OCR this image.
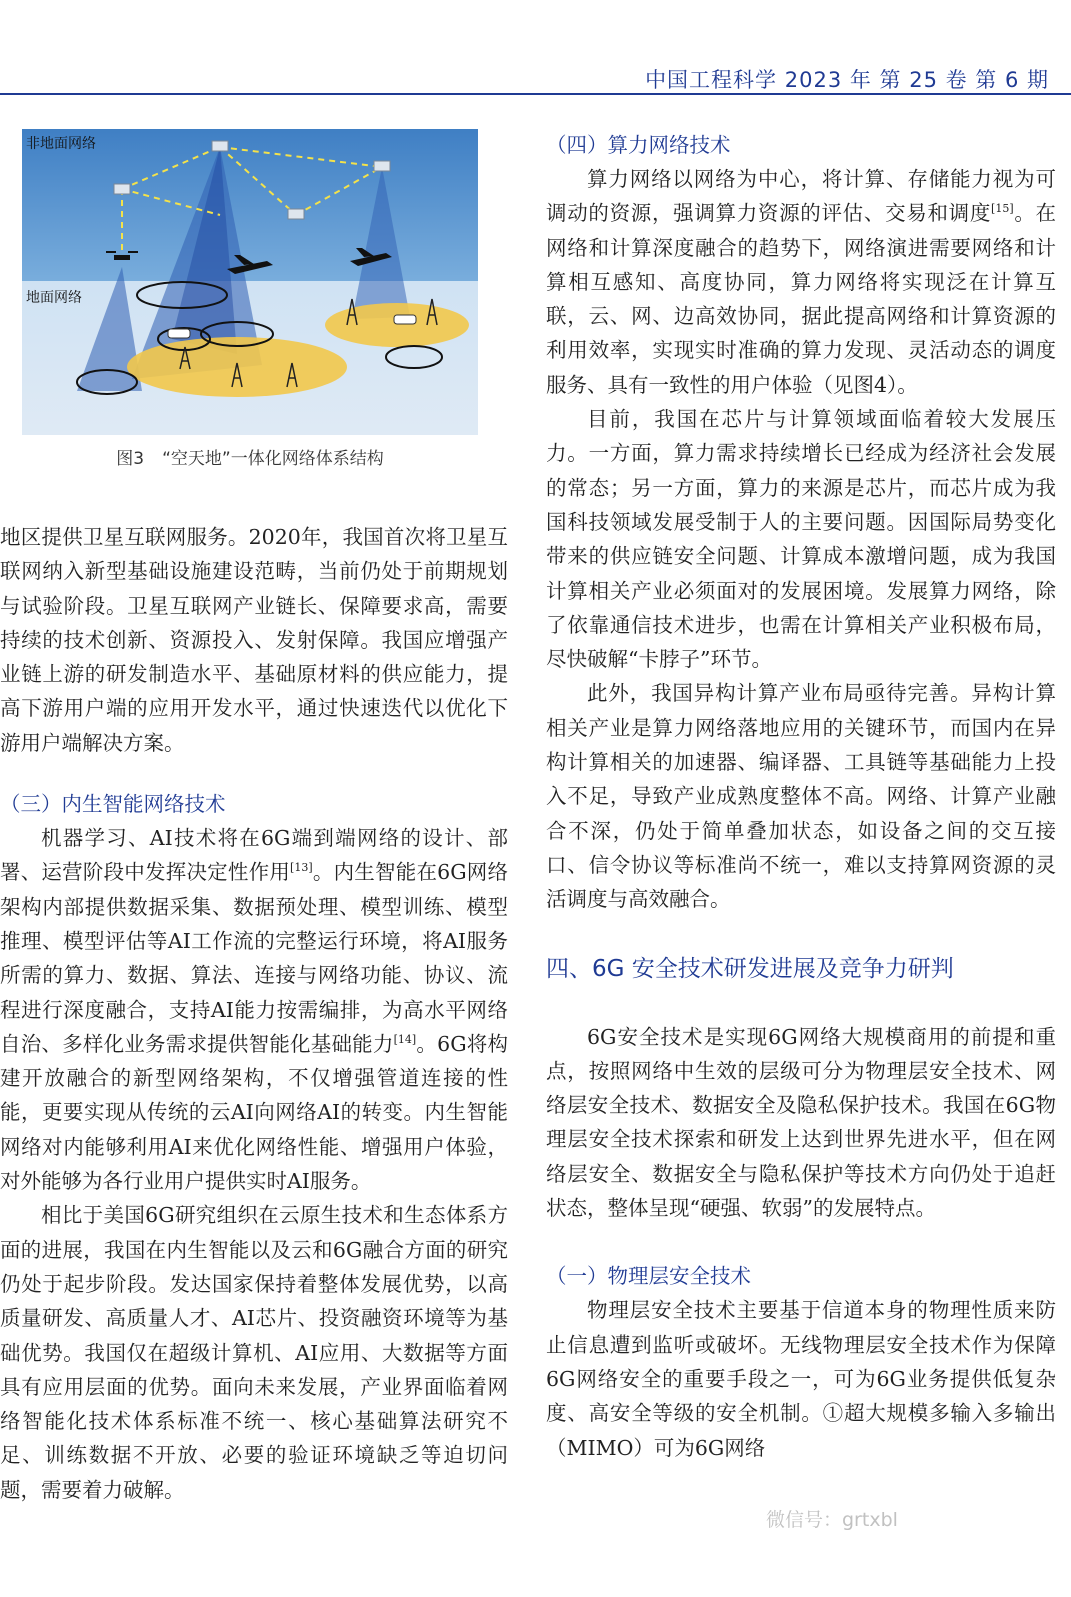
中国工程科学 2023 年 第 25 卷 第 6 期
非地面网络
地面网络
图3 “空天地”一体化网络体系结构

地区提供卫星互联网服务。2020年，我国首次将卫星互联网纳入新型基础设施建设范畴，当前仍处于前期规划与试验阶段。卫星互联网产业链长、保障要求高，需要持续的技术创新、资源投入、发射保障。我国应增强产业链上游的研发制造水平、基础原材料的供应能力，提高下游用户端的应用开发水平，通过快速迭代以优化下游用户端解决方案。

（三）内生智能网络技术

机器学习、AI技术将在6G端到端网络的设计、部署、运营阶段中发挥决定性作用[13]。内生智能在6G网络架构内部提供数据采集、数据预处理、模型训练、模型推理、模型评估等AI工作流的完整运行环境，将AI服务所需的算力、数据、算法、连接与网络功能、协议、流程进行深度融合，支持AI能力按需编排，为高水平网络自治、多样化业务需求提供智能化基础能力[14]。6G将构建开放融合的新型网络架构，不仅增强管道连接的性能，更要实现从传统的云AI向网络AI的转变。内生智能网络对内能够利用AI来优化网络性能、增强用户体验，对外能够为各行业用户提供实时AI服务。

相比于美国6G研究组织在云原生技术和生态体系方面的进展，我国在内生智能以及云和6G融合方面的研究仍处于起步阶段。发达国家保持着整体发展优势，以高质量研发、高质量人才、AI芯片、投资融资环境等为基础优势。我国仅在超级计算机、AI应用、大数据等方面具有应用层面的优势。面向未来发展，产业界面临着网络智能化技术体系标准不统一、核心基础算法研究不足、训练数据不开放、必要的验证环境缺乏等迫切问题，需要着力破解。

（四）算力网络技术

算力网络以网络为中心，将计算、存储能力视为可调动的资源，强调算力资源的评估、交易和调度[15]。在网络和计算深度融合的趋势下，网络演进需要网络和计算相互感知、高度协同，算力网络将实现泛在计算互联，云、网、边高效协同，据此提高网络和计算资源的利用效率，实现实时准确的算力发现、灵活动态的调度服务、具有一致性的用户体验（见图4）。

目前，我国在芯片与计算领域面临着较大发展压力。一方面，算力需求持续增长已经成为经济社会发展的常态；另一方面，算力的来源是芯片，而芯片成为我国科技领域发展受制于人的主要问题。因国际局势变化带来的供应链安全问题、计算成本激增问题，成为我国计算相关产业必须面对的发展困境。发展算力网络，除了依靠通信技术进步，也需在计算相关产业积极布局，尽快破解“卡脖子”环节。

此外，我国异构计算产业布局亟待完善。异构计算相关产业是算力网络落地应用的关键环节，而国内在异构计算相关的加速器、编译器、工具链等基础能力上投入不足，导致产业成熟度整体不高。网络、计算产业融合不深，仍处于简单叠加状态，如设备之间的交互接口、信令协议等标准尚不统一，难以支持算网资源的灵活调度与高效融合。

四、6G 安全技术研发进展及竞争力研判

6G安全技术是实现6G网络大规模商用的前提和重点，按照网络中生效的层级可分为物理层安全技术、网络层安全技术、数据安全及隐私保护技术。我国在6G物理层安全技术探索和研发上达到世界先进水平，但在网络层安全、数据安全与隐私保护等技术方向仍处于追赶状态，整体呈现“硬强、软弱”的发展特点。

（一）物理层安全技术

物理层安全技术主要基于信道本身的物理性质来防止信息遭到监听或破坏。无线物理层安全技术作为保障6G网络安全的重要手段之一，可为6G业务提供低复杂度、高安全等级的安全机制。①超大规模多输入多输出（MIMO）可为6G网络

微信号：grtxbl
